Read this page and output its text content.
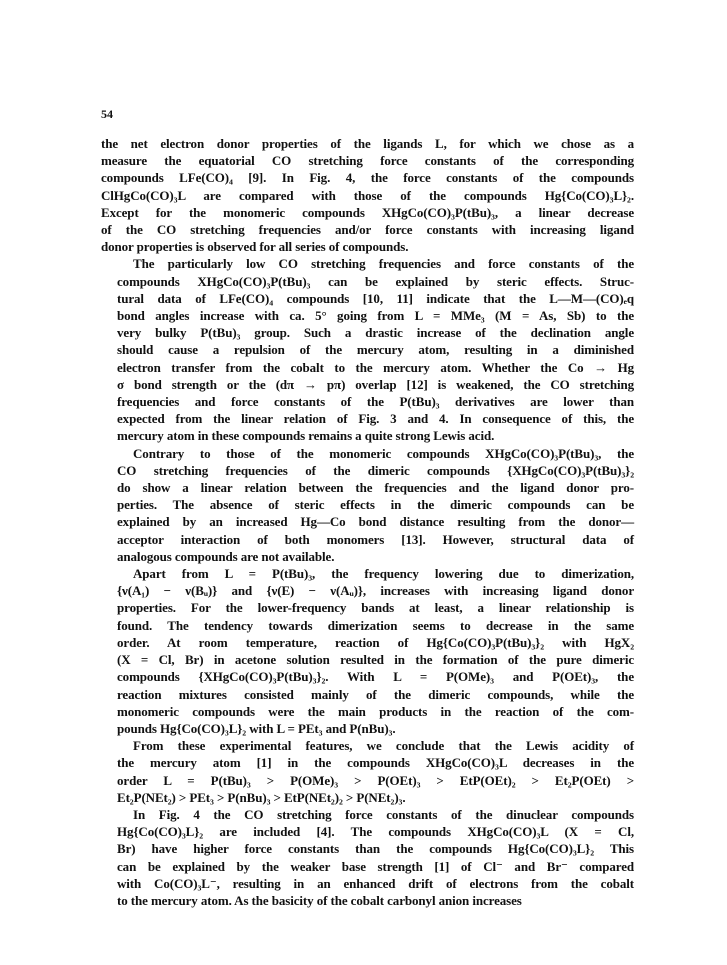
54
the net electron donor properties of the ligands L, for which we chose as a
measure the equatorial CO stretching force constants of the corresponding
compounds LFe(CO)₄ [9]. In Fig. 4, the force constants of the compounds
ClHgCo(CO)₃L are compared with those of the compounds Hg{Co(CO)₃L}₂.
Except for the monomeric compounds XHgCo(CO)₃P(tBu)₃, a linear decrease
of the CO stretching frequencies and/or force constants with increasing ligand
donor properties is observed for all series of compounds.
The particularly low CO stretching frequencies and force constants of the
compounds XHgCo(CO)₃P(tBu)₃ can be explained by steric effects. Struc-
tural data of LFe(CO)₄ compounds [10, 11] indicate that the L—M—(CO)ₑq
bond angles increase with ca. 5° going from L = MMe₃ (M = As, Sb) to the
very bulky P(tBu)₃ group. Such a drastic increase of the declination angle
should cause a repulsion of the mercury atom, resulting in a diminished
electron transfer from the cobalt to the mercury atom. Whether the Co → Hg
σ bond strength or the (dπ → pπ) overlap [12] is weakened, the CO stretching
frequencies and force constants of the P(tBu)₃ derivatives are lower than
expected from the linear relation of Fig. 3 and 4. In consequence of this, the
mercury atom in these compounds remains a quite strong Lewis acid.
Contrary to those of the monomeric compounds XHgCo(CO)₃P(tBu)₃, the
CO stretching frequencies of the dimeric compounds {XHgCo(CO)₃P(tBu)₃}₂
do show a linear relation between the frequencies and the ligand donor pro-
perties. The absence of steric effects in the dimeric compounds can be
explained by an increased Hg—Co bond distance resulting from the donor—
acceptor interaction of both monomers [13]. However, structural data of
analogous compounds are not available.
Apart from L = P(tBu)₃, the frequency lowering due to dimerization,
{ν(A₁) − ν(Bᵤ)} and {ν(E) − ν(Aᵤ)}, increases with increasing ligand donor
properties. For the lower-frequency bands at least, a linear relationship is
found. The tendency towards dimerization seems to decrease in the same
order. At room temperature, reaction of Hg{Co(CO)₃P(tBu)₃}₂ with HgX₂
(X = Cl, Br) in acetone solution resulted in the formation of the pure dimeric
compounds {XHgCo(CO)₃P(tBu)₃}₂. With L = P(OMe)₃ and P(OEt)₃, the
reaction mixtures consisted mainly of the dimeric compounds, while the
monomeric compounds were the main products in the reaction of the com-
pounds Hg{Co(CO)₃L}₂ with L = PEt₃ and P(nBu)₃.
From these experimental features, we conclude that the Lewis acidity of
the mercury atom [1] in the compounds XHgCo(CO)₃L decreases in the
order L = P(tBu)₃ > P(OMe)₃ > P(OEt)₃ > EtP(OEt)₂ > Et₂P(OEt) >
Et₂P(NEt₂) > PEt₃ > P(nBu)₃ > EtP(NEt₂)₂ > P(NEt₂)₃.
In Fig. 4 the CO stretching force constants of the dinuclear compounds
Hg{Co(CO)₃L}₂ are included [4]. The compounds XHgCo(CO)₃L (X = Cl,
Br) have higher force constants than the compounds Hg{Co(CO)₃L}₂ This
can be explained by the weaker base strength [1] of Cl⁻ and Br⁻ compared
with Co(CO)₃L⁻, resulting in an enhanced drift of electrons from the cobalt
to the mercury atom. As the basicity of the cobalt carbonyl anion increases
